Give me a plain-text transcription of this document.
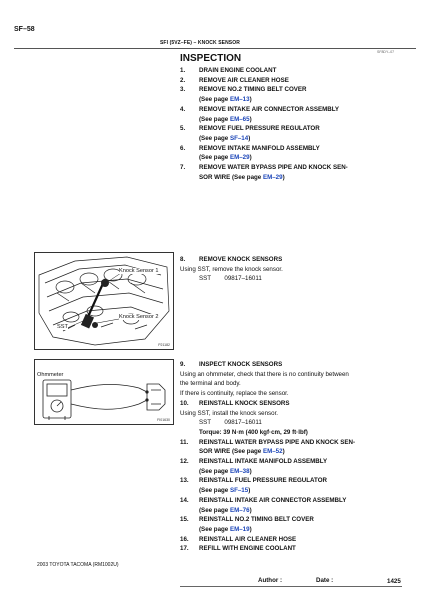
SF–58
SFI (5VZ–FE) – KNOCK SENSOR
SF8DY–07
INSPECTION
1.	DRAIN ENGINE COOLANT
2.	REMOVE AIR CLEANER HOSE
3.	REMOVE NO.2 TIMING BELT COVER
(See page EM–13)
4.	REMOVE INTAKE AIR CONNECTOR ASSEMBLY
(See page EM–65)
5.	REMOVE FUEL PRESSURE REGULATOR
(See page SF–14)
6.	REMOVE INTAKE MANIFOLD ASSEMBLY
(See page EM–29)
7.	REMOVE WATER BYPASS PIPE AND KNOCK SEN-
SOR WIRE (See page EM–29)
Knock Sensor 1
Knock Sensor 2
SST
P21182
8.	REMOVE KNOCK SENSORS
Using SST, remove the knock sensor.
SST 09817–16011
Ohmmeter
FI01630
9.	INSPECT KNOCK SENSORS
Using an ohmmeter, check that there is no continuity between
the terminal and body.
If there is continuity, replace the sensor.
10.	REINSTALL KNOCK SENSORS
Using SST, install the knock sensor.
SST 09817–16011
Torque: 39 N·m (400 kgf·cm, 29 ft·lbf)
11.	REINSTALL WATER BYPASS PIPE AND KNOCK SEN-
SOR WIRE (See page EM–52)
12.	REINSTALL INTAKE MANIFOLD ASSEMBLY
(See page EM–38)
13.	REINSTALL FUEL PRESSURE REGULATOR
(See page SF–15)
14.	REINSTALL INTAKE AIR CONNECTOR ASSEMBLY
(See page EM–76)
15.	REINSTALL NO.2 TIMING BELT COVER
(See page EM–19)
16.	REINSTALL AIR CLEANER HOSE
17.	REFILL WITH ENGINE COOLANT
2003 TOYOTA TACOMA (RM1002U)
Author :	Date :	1425
